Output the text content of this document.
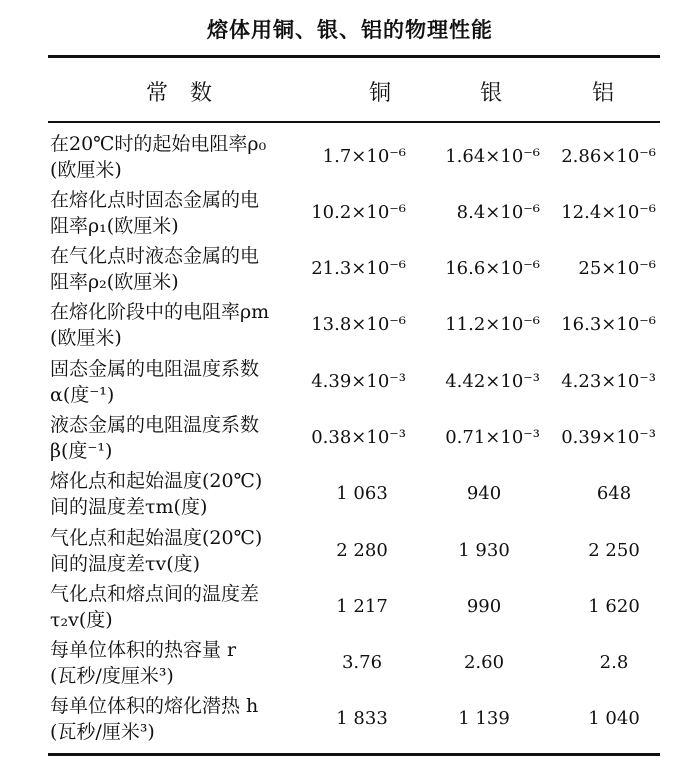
熔体用铜、银、铝的物理性能
常数	铜	银	铝
在20℃时的起始电阻率ρ₀
(欧厘米)
1.7×10⁻⁶	1.64×10⁻⁶	2.86×10⁻⁶
在熔化点时固态金属的电
阻率ρ₁(欧厘米)
10.2×10⁻⁶	8.4×10⁻⁶	12.4×10⁻⁶
在气化点时液态金属的电
阻率ρ₂(欧厘米)
21.3×10⁻⁶	16.6×10⁻⁶	25×10⁻⁶
在熔化阶段中的电阻率ρm
(欧厘米)
13.8×10⁻⁶	11.2×10⁻⁶	16.3×10⁻⁶
固态金属的电阻温度系数
α(度⁻¹)
4.39×10⁻³	4.42×10⁻³	4.23×10⁻³
液态金属的电阻温度系数
β(度⁻¹)
0.38×10⁻³	0.71×10⁻³	0.39×10⁻³
熔化点和起始温度(20℃)
间的温度差τm(度)
1 063	940	648
气化点和起始温度(20℃)
间的温度差τv(度)
2 280	1 930	2 250
气化点和熔点间的温度差
τ₂v(度)
1 217	990	1 620
每单位体积的热容量 r
(瓦秒/度厘米³)
3.76	2.60	2.8
每单位体积的熔化潜热 h
(瓦秒/厘米³)
1 833	1 139	1 040
